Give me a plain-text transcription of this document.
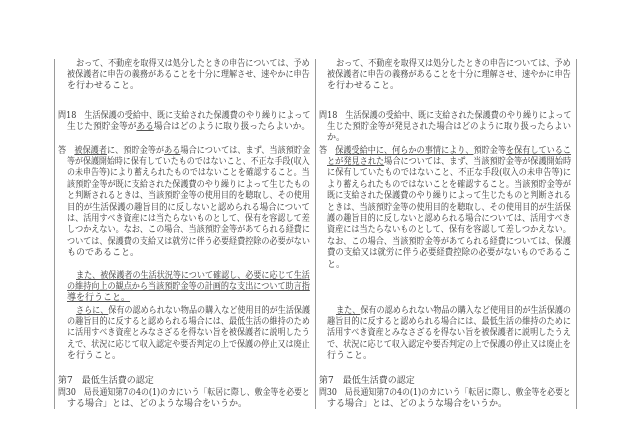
おって、不動産を取得又は処分したときの申告については、予め
被保護者に申告の義務があることを十分に理解させ、速やかに申告
を行わせること。
問18　生活保護の受給中、既に支給された保護費のやり繰りによって
生じた預貯金等がある場合はどのように取り扱ったらよいか。
答　被保護者に、預貯金等がある場合については、まず、当該預貯金
等が保護開始時に保有していたものではないこと、不正な手段(収入
の未申告等)により蓄えられたものではないことを確認すること。当
該預貯金等が既に支給された保護費のやり繰りによって生じたもの
と判断されるときは、当該預貯金等の使用目的を聴取し、その使用
目的が生活保護の趣旨目的に反しないと認められる場合について
は、活用すべき資産には当たらないものとして、保有を容認して差
しつかえない。なお、この場合、当該預貯金等があてられる経費に
ついては、保護費の支給又は就労に伴う必要経費控除の必要がない
ものであること。
また、被保護者の生活状況等について確認し、必要に応じて生活
の維持向上の観点から当該預貯金等の計画的な支出について助言指
導を行うこと。
さらに、保有の認められない物品の購入など使用目的が生活保護
の趣旨目的に反すると認められる場合には、最低生活の維持のため
に活用すべき資産とみなさざるを得ない旨を被保護者に説明したう
えで、状況に応じて収入認定や要否判定の上で保護の停止又は廃止
を行うこと。
第7　最低生活費の認定
問30　局長通知第7の4の(1)のカにいう「転居に際し、敷金等を必要と
する場合」とは、どのような場合をいうか。
おって、不動産を取得又は処分したときの申告については、予め
被保護者に申告の義務があることを十分に理解させ、速やかに申告
を行わせること。
問18　生活保護の受給中、既に支給された保護費のやり繰りによって
生じた預貯金等が発見された場合はどのように取り扱ったらよい
か。
答　保護受給中に、何らかの事情により、預貯金等を保有しているこ
とが発見された場合については、まず、当該預貯金等が保護開始時
に保有していたものではないこと、不正な手段(収入の未申告等)に
より蓄えられたものではないことを確認すること。当該預貯金等が
既に支給された保護費のやり繰りによって生じたものと判断される
ときは、当該預貯金等の使用目的を聴取し、その使用目的が生活保
護の趣旨目的に反しないと認められる場合については、活用すべき
資産には当たらないものとして、保有を容認して差しつかえない。
なお、この場合、当該預貯金等があてられる経費については、保護
費の支給又は就労に伴う必要経費控除の必要がないものであるこ
と。
また、保有の認められない物品の購入など使用目的が生活保護の
趣旨目的に反すると認められる場合には、最低生活の維持のために
活用すべき資産とみなさざるを得ない旨を被保護者に説明したうえ
で、状況に応じて収入認定や要否判定の上で保護の停止又は廃止を
行うこと。
第7　最低生活費の認定
問30　局長通知第7の4の(1)のカにいう「転居に際し、敷金等を必要と
する場合」とは、どのような場合をいうか。
